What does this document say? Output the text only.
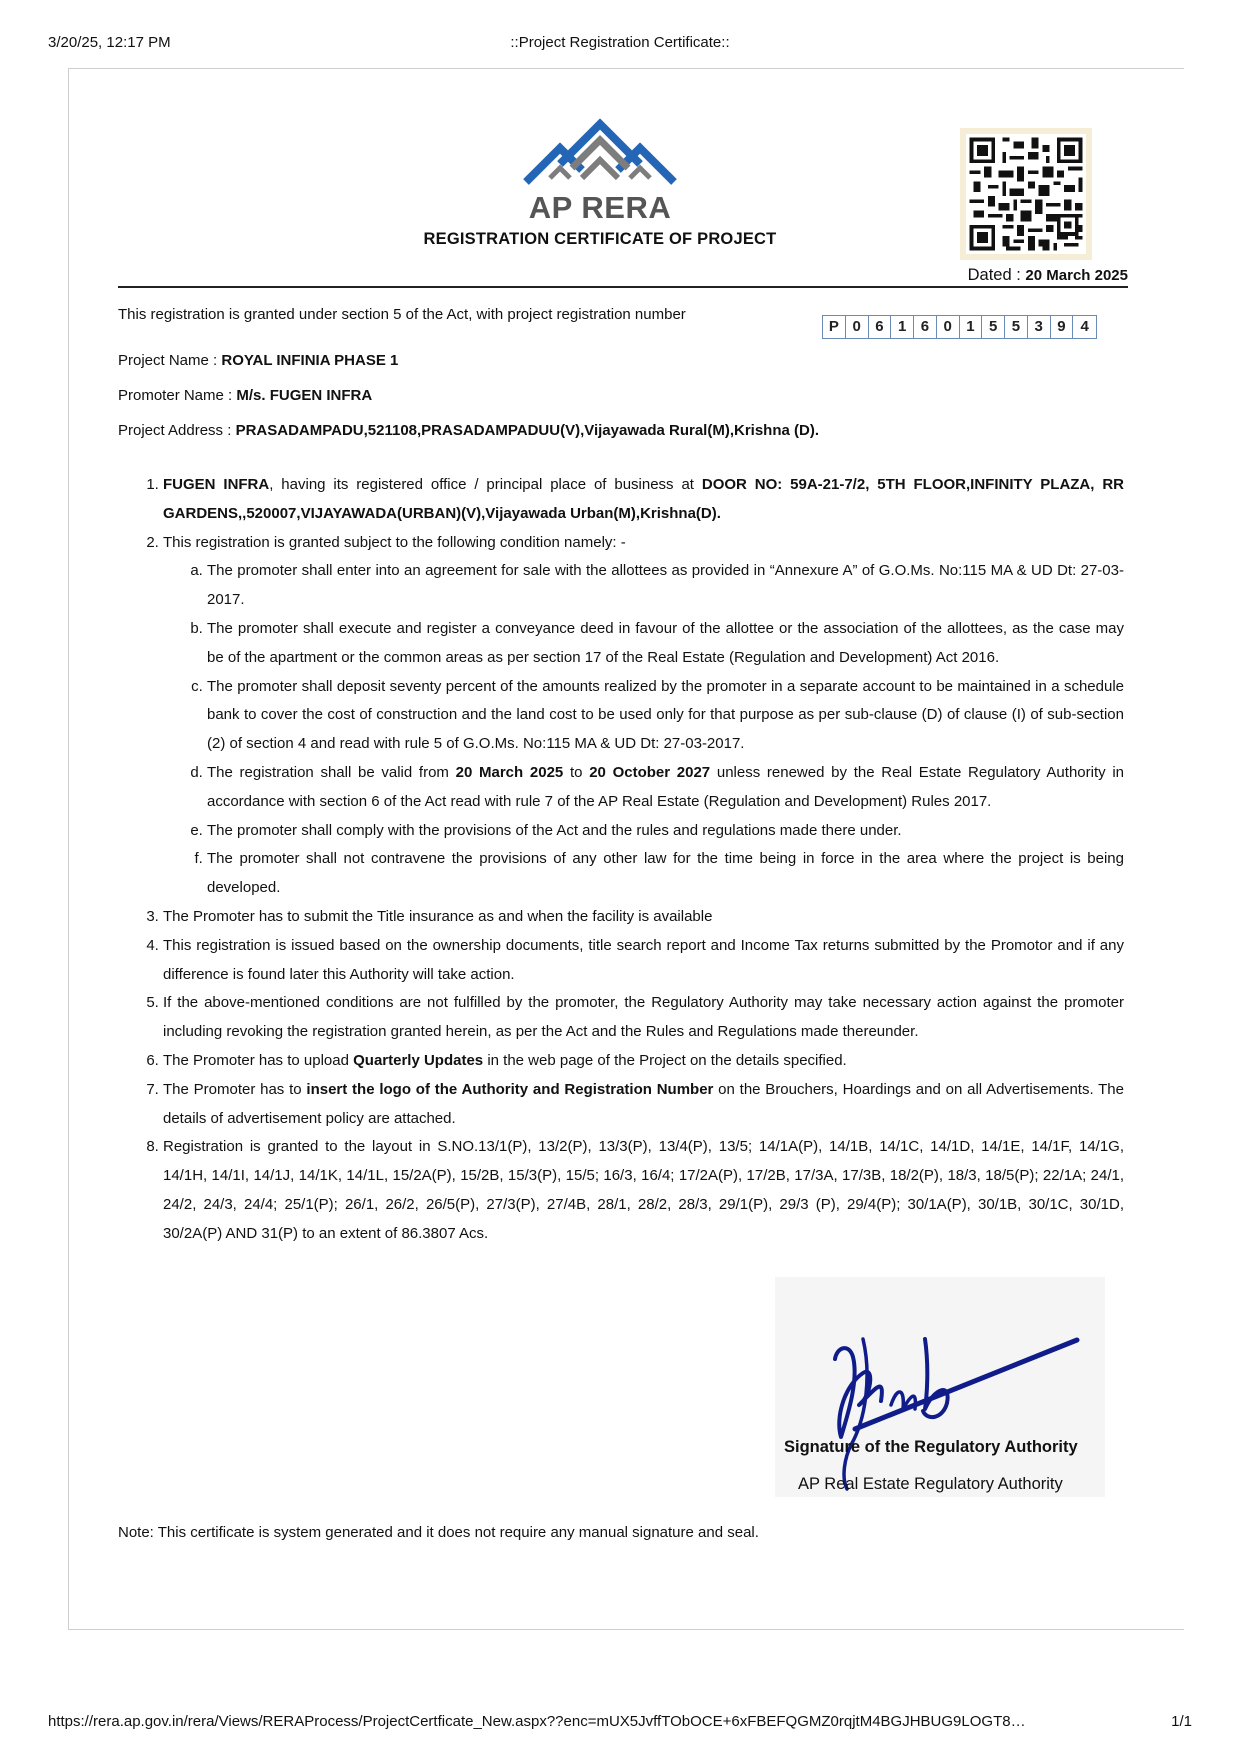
3/20/25, 12:17 PM	::Project Registration Certificate::
AP RERA
REGISTRATION CERTIFICATE OF PROJECT
Dated : 20 March 2025
This registration is granted under section 5 of the Act, with project registration number
P 0 6 1 6 0 1 5 5 3 9 4
Project Name : ROYAL INFINIA PHASE 1
Promoter Name : M/s. FUGEN INFRA
Project Address : PRASADAMPADU,521108,PRASADAMPADUU(V),Vijayawada Rural(M),Krishna (D).
1. FUGEN INFRA, having its registered office / principal place of business at DOOR NO: 59A-21-7/2, 5TH FLOOR,INFINITY PLAZA, RR GARDENS,,520007,VIJAYAWADA(URBAN)(V),Vijayawada Urban(M),Krishna(D).
2. This registration is granted subject to the following condition namely: -
a. The promoter shall enter into an agreement for sale with the allottees as provided in “Annexure A” of G.O.Ms. No:115 MA & UD Dt: 27-03-2017.
b. The promoter shall execute and register a conveyance deed in favour of the allottee or the association of the allottees, as the case may be of the apartment or the common areas as per section 17 of the Real Estate (Regulation and Development) Act 2016.
c. The promoter shall deposit seventy percent of the amounts realized by the promoter in a separate account to be maintained in a schedule bank to cover the cost of construction and the land cost to be used only for that purpose as per sub-clause (D) of clause (I) of sub-section (2) of section 4 and read with rule 5 of G.O.Ms. No:115 MA & UD Dt: 27-03-2017.
d. The registration shall be valid from 20 March 2025 to 20 October 2027 unless renewed by the Real Estate Regulatory Authority in accordance with section 6 of the Act read with rule 7 of the AP Real Estate (Regulation and Development) Rules 2017.
e. The promoter shall comply with the provisions of the Act and the rules and regulations made there under.
f. The promoter shall not contravene the provisions of any other law for the time being in force in the area where the project is being developed.
3. The Promoter has to submit the Title insurance as and when the facility is available
4. This registration is issued based on the ownership documents, title search report and Income Tax returns submitted by the Promotor and if any difference is found later this Authority will take action.
5. If the above-mentioned conditions are not fulfilled by the promoter, the Regulatory Authority may take necessary action against the promoter including revoking the registration granted herein, as per the Act and the Rules and Regulations made thereunder.
6. The Promoter has to upload Quarterly Updates in the web page of the Project on the details specified.
7. The Promoter has to insert the logo of the Authority and Registration Number on the Brouchers, Hoardings and on all Advertisements. The details of advertisement policy are attached.
8. Registration is granted to the layout in S.NO.13/1(P), 13/2(P), 13/3(P), 13/4(P), 13/5; 14/1A(P), 14/1B, 14/1C, 14/1D, 14/1E, 14/1F, 14/1G, 14/1H, 14/1I, 14/1J, 14/1K, 14/1L, 15/2A(P), 15/2B, 15/3(P), 15/5; 16/3, 16/4; 17/2A(P), 17/2B, 17/3A, 17/3B, 18/2(P), 18/3, 18/5(P); 22/1A; 24/1, 24/2, 24/3, 24/4; 25/1(P); 26/1, 26/2, 26/5(P), 27/3(P), 27/4B, 28/1, 28/2, 28/3, 29/1(P), 29/3 (P), 29/4(P); 30/1A(P), 30/1B, 30/1C, 30/1D, 30/2A(P) AND 31(P) to an extent of 86.3807 Acs.
Signature of the Regulatory Authority
AP Real Estate Regulatory Authority
Note: This certificate is system generated and it does not require any manual signature and seal.
https://rera.ap.gov.in/rera/Views/RERAProcess/ProjectCertficate_New.aspx??enc=mUX5JvffTObOCE+6xFBEFQGMZ0rqjtM4BGJHBUG9LOGT8…	1/1
